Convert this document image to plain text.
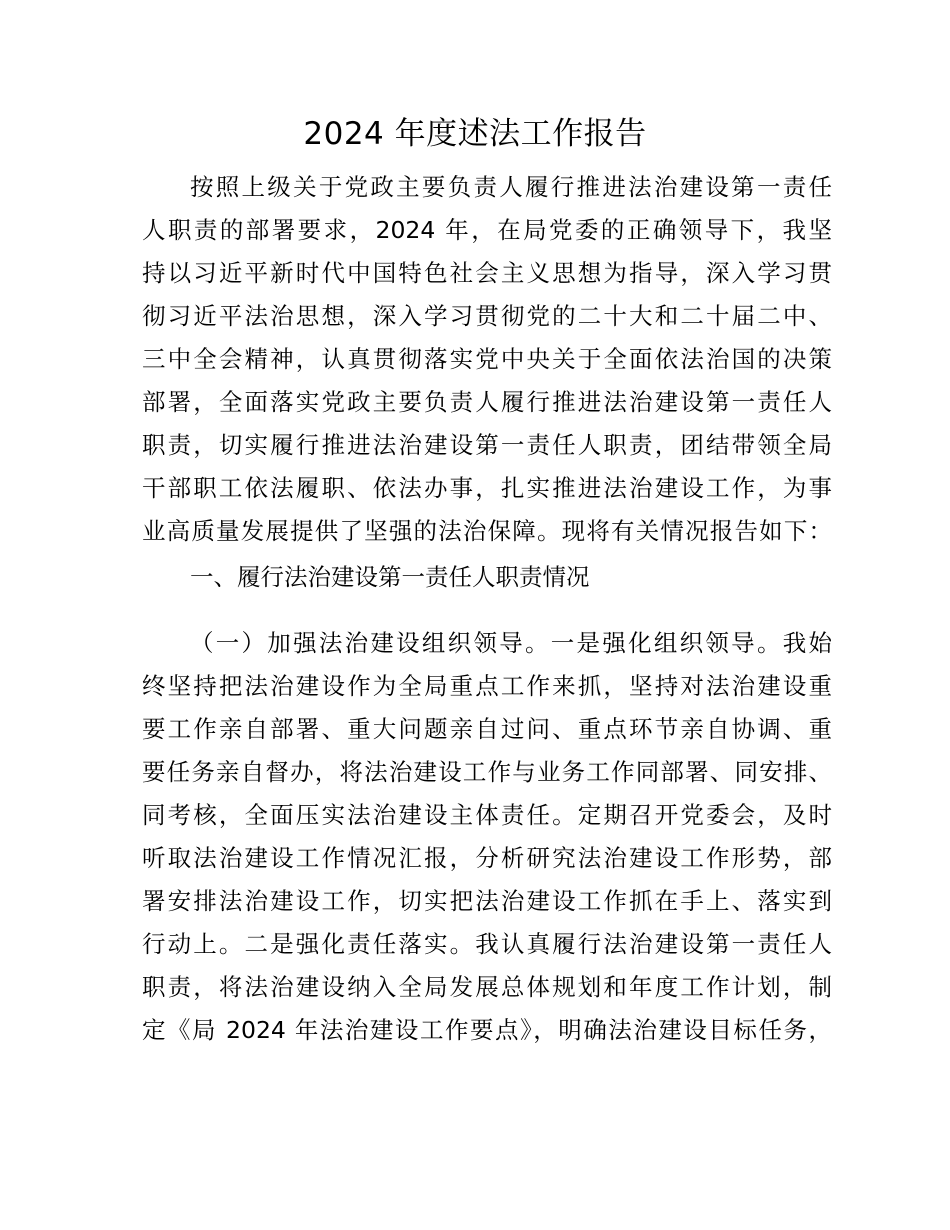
2024 年度述法工作报告
按照上级关于党政主要负责人履行推进法治建设第一责任
人职责的部署要求，2024 年，在局党委的正确领导下，我坚
持以习近平新时代中国特色社会主义思想为指导，深入学习贯
彻习近平法治思想，深入学习贯彻党的二十大和二十届二中、
三中全会精神，认真贯彻落实党中央关于全面依法治国的决策
部署，全面落实党政主要负责人履行推进法治建设第一责任人
职责，切实履行推进法治建设第一责任人职责，团结带领全局
干部职工依法履职、依法办事，扎实推进法治建设工作，为事
业高质量发展提供了坚强的法治保障。现将有关情况报告如下：
一、履行法治建设第一责任人职责情况
（一）加强法治建设组织领导。一是强化组织领导。我始
终坚持把法治建设作为全局重点工作来抓，坚持对法治建设重
要工作亲自部署、重大问题亲自过问、重点环节亲自协调、重
要任务亲自督办，将法治建设工作与业务工作同部署、同安排、
同考核，全面压实法治建设主体责任。定期召开党委会，及时
听取法治建设工作情况汇报，分析研究法治建设工作形势，部
署安排法治建设工作，切实把法治建设工作抓在手上、落实到
行动上。二是强化责任落实。我认真履行法治建设第一责任人
职责，将法治建设纳入全局发展总体规划和年度工作计划，制
定《局 2024 年法治建设工作要点》，明确法治建设目标任务，
